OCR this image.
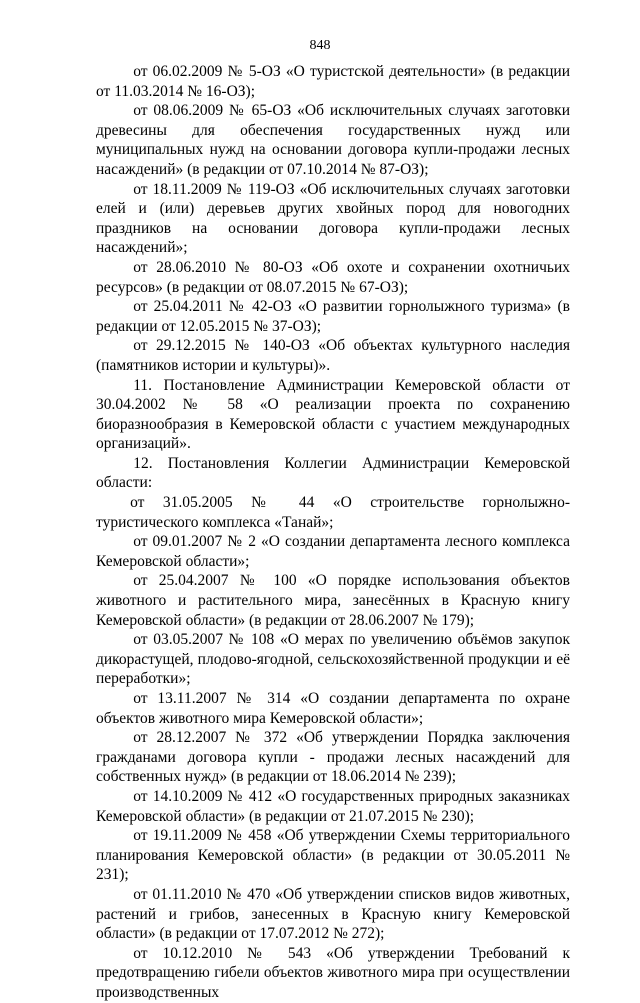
848

от 06.02.2009 № 5-ОЗ «О туристской деятельности» (в редакции от 11.03.2014 № 16-ОЗ);

от 08.06.2009 № 65-ОЗ «Об исключительных случаях заготовки древесины для обеспечения государственных нужд или муниципальных нужд на основании договора купли-продажи лесных насаждений» (в редакции от 07.10.2014 № 87-ОЗ);

от 18.11.2009 № 119-ОЗ «Об исключительных случаях заготовки елей и (или) деревьев других хвойных пород для новогодних праздников на основании договора купли-продажи лесных насаждений»;

от 28.06.2010 № 80-ОЗ «Об охоте и сохранении охотничьих ресурсов» (в редакции от 08.07.2015 № 67-ОЗ);

от 25.04.2011 № 42-ОЗ «О развитии горнолыжного туризма» (в редакции от 12.05.2015 № 37-ОЗ);

от 29.12.2015 № 140-ОЗ «Об объектах культурного наследия (памятников истории и культуры)».

11. Постановление Администрации Кемеровской области от 30.04.2002 № 58 «О реализации проекта по сохранению биоразнообразия в Кемеровской области с участием международных организаций».

12. Постановления Коллегии Администрации Кемеровской области:

от 31.05.2005 № 44 «О строительстве горнолыжно-туристического комплекса «Танай»;

от 09.01.2007 № 2 «О создании департамента лесного комплекса Кемеровской области»;

от 25.04.2007 № 100 «О порядке использования объектов животного и растительного мира, занесённых в Красную книгу Кемеровской области» (в редакции от 28.06.2007 № 179);

от 03.05.2007 № 108 «О мерах по увеличению объёмов закупок дикорастущей, плодово-ягодной, сельскохозяйственной продукции и её переработки»;

от 13.11.2007 № 314 «О создании департамента по охране объектов животного мира Кемеровской области»;

от 28.12.2007 № 372 «Об утверждении Порядка заключения гражданами договора купли - продажи лесных насаждений для собственных нужд» (в редакции от 18.06.2014 № 239);

от 14.10.2009 № 412 «О государственных природных заказниках Кемеровской области» (в редакции от 21.07.2015 № 230);

от 19.11.2009 № 458 «Об утверждении Схемы территориального планирования Кемеровской области» (в редакции от 30.05.2011 № 231);

от 01.11.2010 № 470 «Об утверждении списков видов животных, растений и грибов, занесенных в Красную книгу Кемеровской области» (в редакции от 17.07.2012 № 272);

от 10.12.2010 № 543 «Об утверждении Требований к предотвращению гибели объектов животного мира при осуществлении производственных
